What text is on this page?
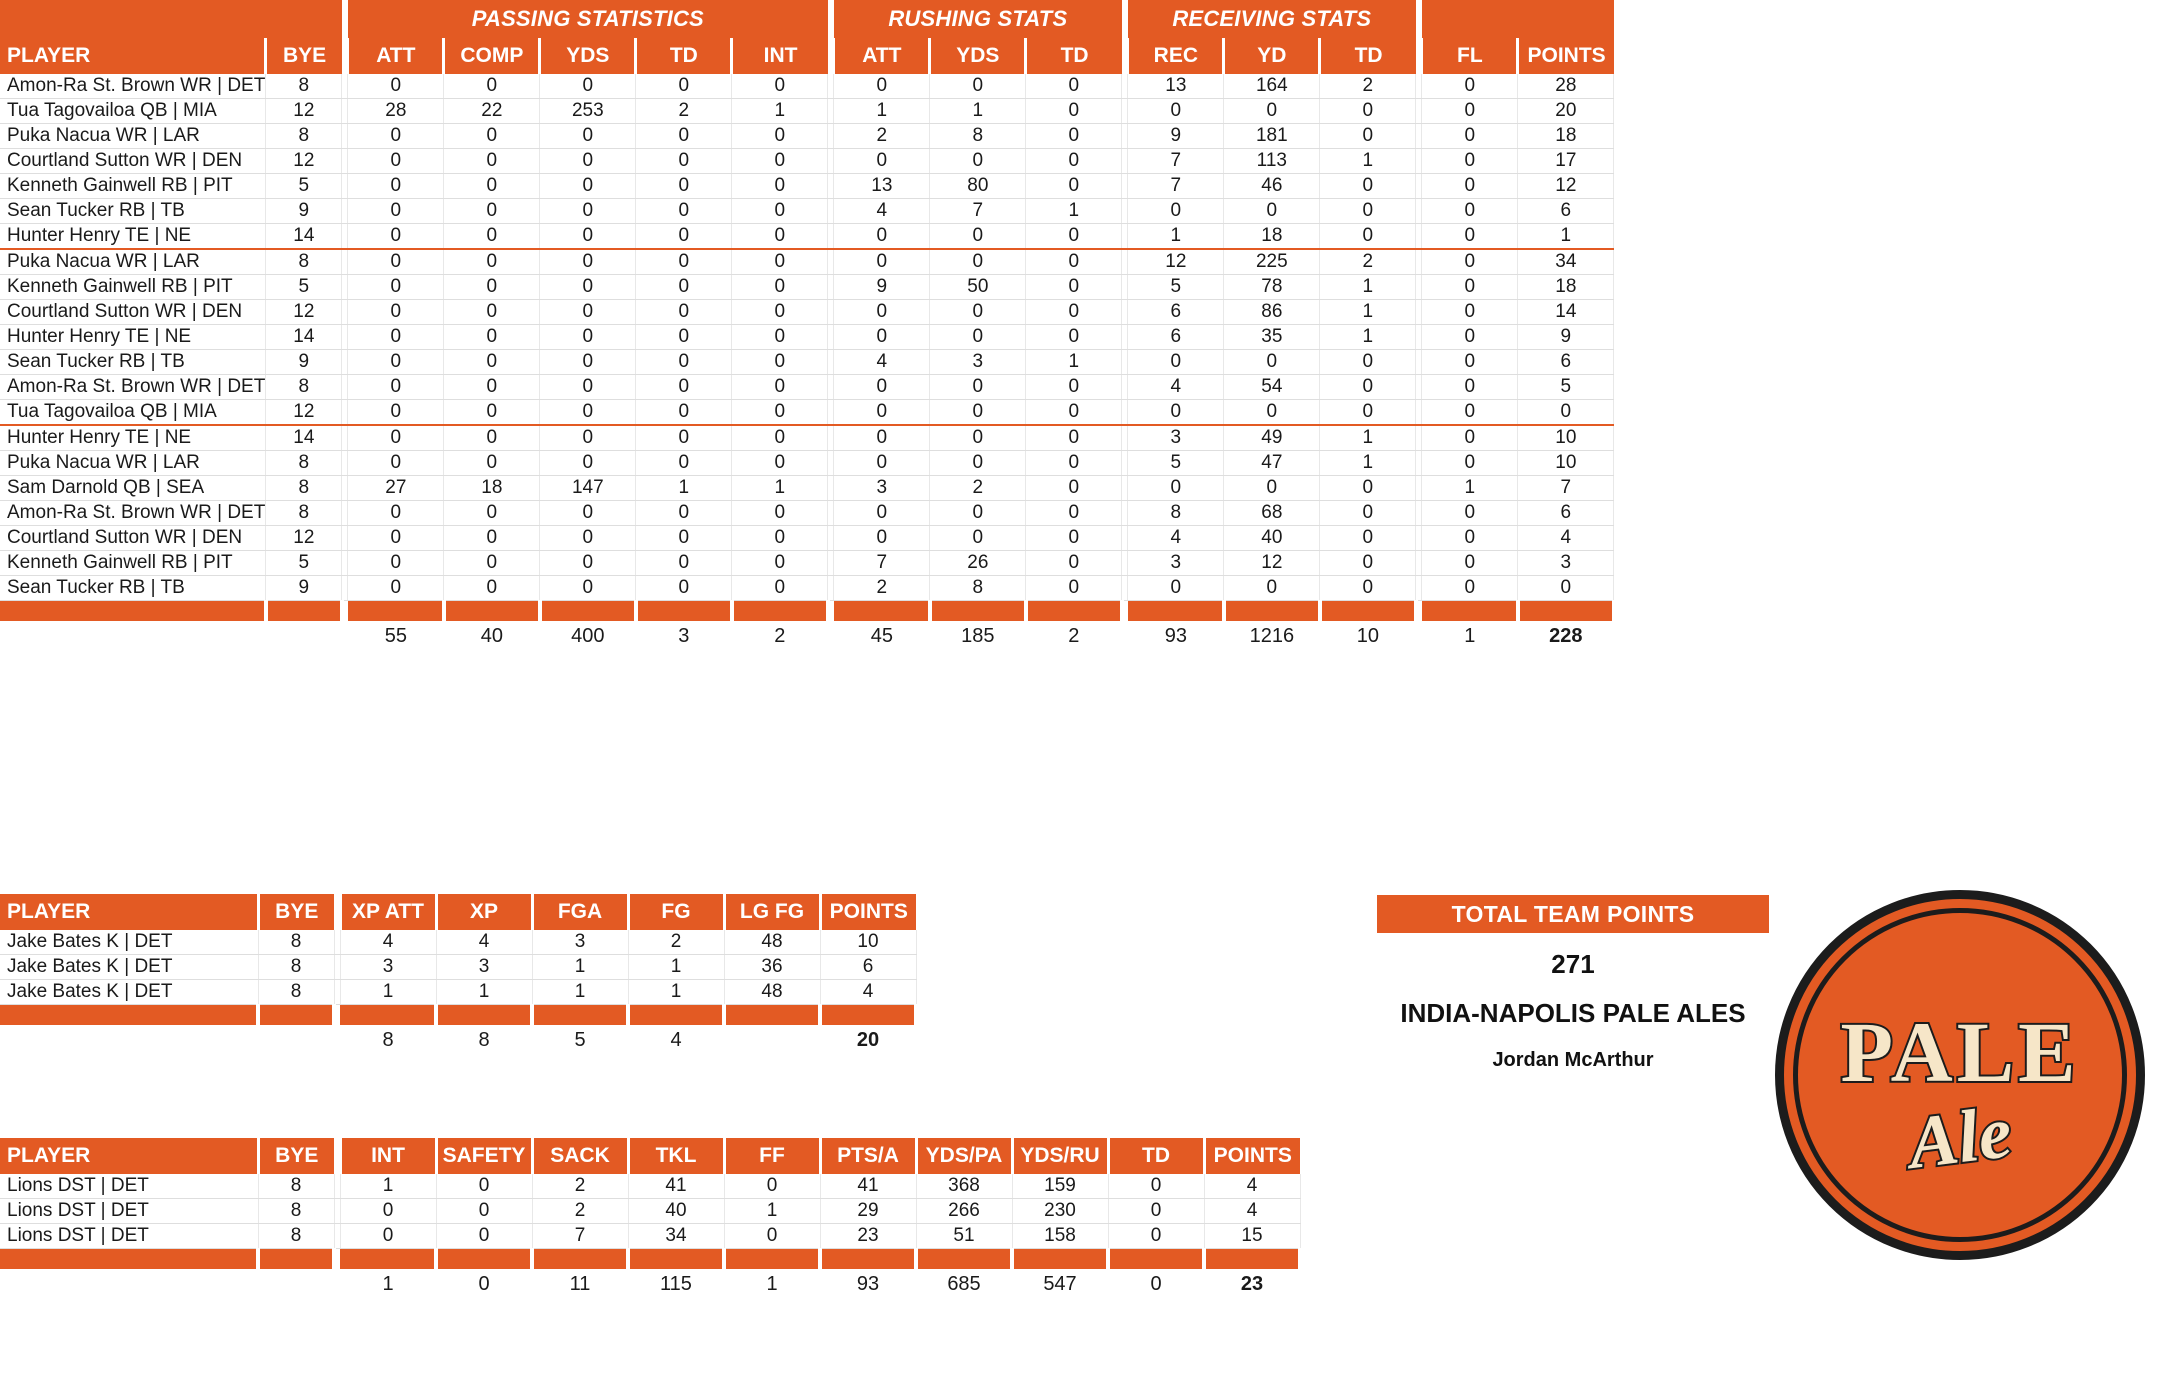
			PASSING STATISTICS						RUSHING STATS				RECEIVING STATS					
PLAYER	BYE		ATT	COMP	YDS	TD	INT		ATT	YDS	TD		REC	YD	TD		FL	POINTS
Amon-Ra St. Brown WR | DET	8		0	0	0	0	0		0	0	0		13	164	2		0	28
Tua Tagovailoa QB | MIA	12		28	22	253	2	1		1	1	0		0	0	0		0	20
Puka Nacua WR | LAR	8		0	0	0	0	0		2	8	0		9	181	0		0	18
Courtland Sutton WR | DEN	12		0	0	0	0	0		0	0	0		7	113	1		0	17
Kenneth Gainwell RB | PIT	5		0	0	0	0	0		13	80	0		7	46	0		0	12
Sean Tucker RB | TB	9		0	0	0	0	0		4	7	1		0	0	0		0	6
Hunter Henry TE | NE	14		0	0	0	0	0		0	0	0		1	18	0		0	1
Puka Nacua WR | LAR	8		0	0	0	0	0		0	0	0		12	225	2		0	34
Kenneth Gainwell RB | PIT	5		0	0	0	0	0		9	50	0		5	78	1		0	18
Courtland Sutton WR | DEN	12		0	0	0	0	0		0	0	0		6	86	1		0	14
Hunter Henry TE | NE	14		0	0	0	0	0		0	0	0		6	35	1		0	9
Sean Tucker RB | TB	9		0	0	0	0	0		4	3	1		0	0	0		0	6
Amon-Ra St. Brown WR | DET	8		0	0	0	0	0		0	0	0		4	54	0		0	5
Tua Tagovailoa QB | MIA	12		0	0	0	0	0		0	0	0		0	0	0		0	0
Hunter Henry TE | NE	14		0	0	0	0	0		0	0	0		3	49	1		0	10
Puka Nacua WR | LAR	8		0	0	0	0	0		0	0	0		5	47	1		0	10
Sam Darnold QB | SEA	8		27	18	147	1	1		3	2	0		0	0	0		1	7
Amon-Ra St. Brown WR | DET	8		0	0	0	0	0		0	0	0		8	68	0		0	6
Courtland Sutton WR | DEN	12		0	0	0	0	0		0	0	0		4	40	0		0	4
Kenneth Gainwell RB | PIT	5		0	0	0	0	0		7	26	0		3	12	0		0	3
Sean Tucker RB | TB	9		0	0	0	0	0		2	8	0		0	0	0		0	0

			55	40	400	3	2		45	185	2		93	1216	10		1	228
PLAYER	BYE		XP ATT	XP	FGA	FG	LG FG	POINTS
Jake Bates K | DET	8		4	4	3	2	48	10
Jake Bates K | DET	8		3	3	1	1	36	6
Jake Bates K | DET	8		1	1	1	1	48	4

			8	8	5	4		20
PLAYER	BYE		INT	SAFETY	SACK	TKL	FF	PTS/A	YDS/PA	YDS/RU	TD	POINTS
Lions DST | DET	8		1	0	2	41	0	41	368	159	0	4
Lions DST | DET	8		0	0	2	40	1	29	266	230	0	4
Lions DST | DET	8		0	0	7	34	0	23	51	158	0	15

			1	0	11	115	1	93	685	547	0	23
TOTAL TEAM POINTS
271
INDIA-NAPOLIS PALE ALES
Jordan McArthur	PALE
Ale
